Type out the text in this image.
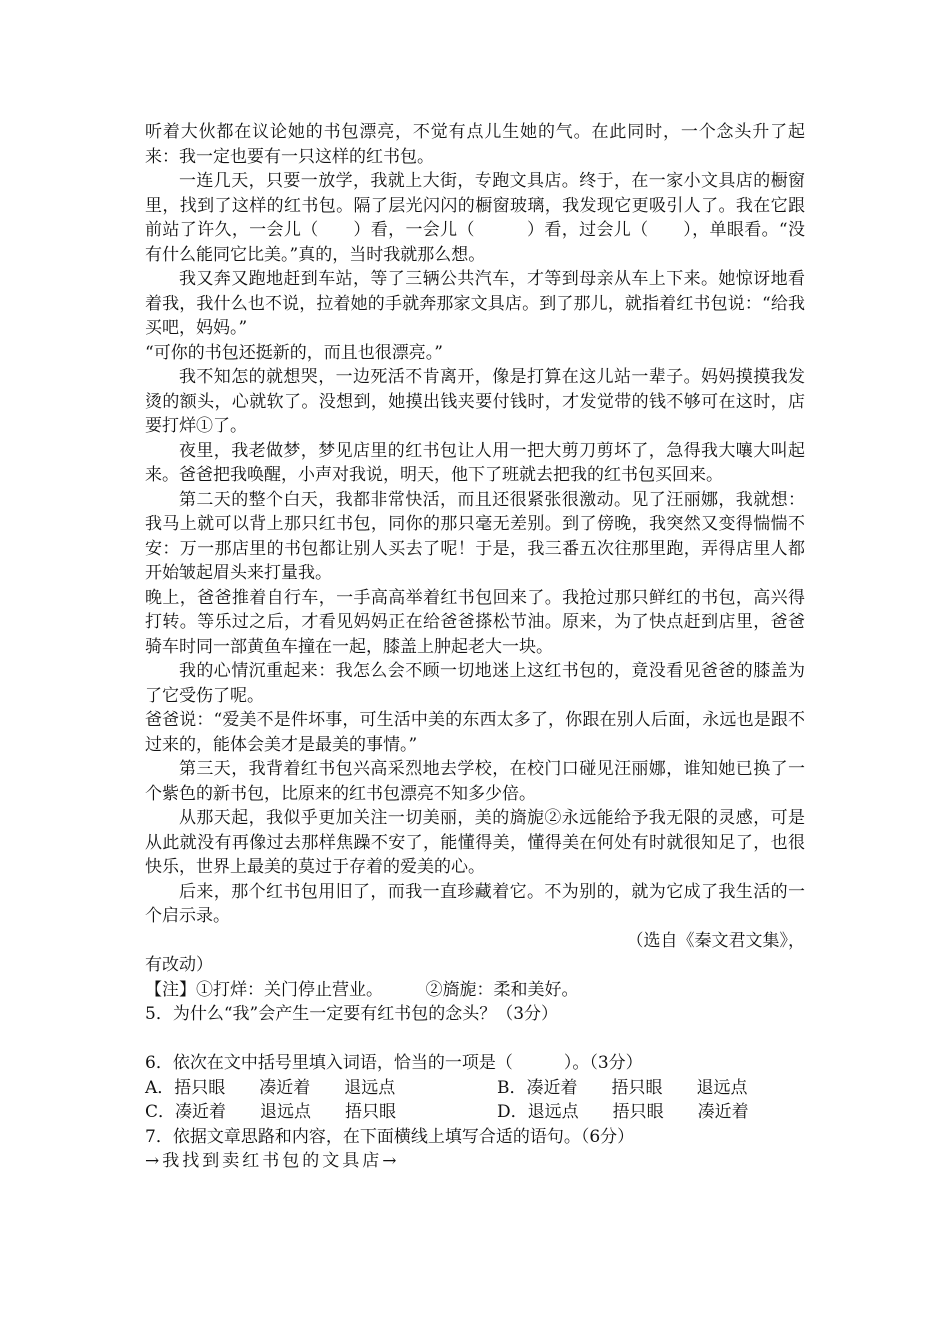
听着大伙都在议论她的书包漂亮，不觉有点儿生她的气。在此同时，一个念头升了起来：我一定也要有一只这样的红书包。

一连几天，只要一放学，我就上大街，专跑文具店。终于，在一家小文具店的橱窗里，找到了这样的红书包。隔了层光闪闪的橱窗玻璃，我发现它更吸引人了。我在它跟前站了许久，一会儿（　　）看，一会儿（　　　）看，过会儿（　　），单眼看。“没有什么能同它比美。”真的，当时我就那么想。

我又奔又跑地赶到车站，等了三辆公共汽车，才等到母亲从车上下来。她惊讶地看着我，我什么也不说，拉着她的手就奔那家文具店。到了那儿，就指着红书包说：“给我买吧，妈妈。”

“可你的书包还挺新的，而且也很漂亮。”

我不知怎的就想哭，一边死活不肯离开，像是打算在这儿站一辈子。妈妈摸摸我发烫的额头，心就软了。没想到，她摸出钱夹要付钱时，才发觉带的钱不够可在这时，店要打烊①了。

夜里，我老做梦，梦见店里的红书包让人用一把大剪刀剪坏了，急得我大嚷大叫起来。爸爸把我唤醒，小声对我说，明天，他下了班就去把我的红书包买回来。

第二天的整个白天，我都非常快活，而且还很紧张很激动。见了汪丽娜，我就想：我马上就可以背上那只红书包，同你的那只毫无差别。到了傍晚，我突然又变得惴惴不安：万一那店里的书包都让别人买去了呢！于是，我三番五次往那里跑，弄得店里人都开始皱起眉头来打量我。

晚上，爸爸推着自行车，一手高高举着红书包回来了。我抢过那只鲜红的书包，高兴得打转。等乐过之后，才看见妈妈正在给爸爸搽松节油。原来，为了快点赶到店里，爸爸骑车时同一部黄鱼车撞在一起，膝盖上肿起老大一块。

我的心情沉重起来：我怎么会不顾一切地迷上这红书包的，竟没看见爸爸的膝盖为了它受伤了呢。

爸爸说：“爱美不是件坏事，可生活中美的东西太多了，你跟在别人后面，永远也是跟不过来的，能体会美才是最美的事情。”

第三天，我背着红书包兴高采烈地去学校，在校门口碰见汪丽娜，谁知她已换了一个紫色的新书包，比原来的红书包漂亮不知多少倍。

从那天起，我似乎更加关注一切美丽，美的旖旎②永远能给予我无限的灵感，可是从此就没有再像过去那样焦躁不安了，能懂得美，懂得美在何处有时就很知足了，也很快乐，世界上最美的莫过于存着的爱美的心。

后来，那个红书包用旧了，而我一直珍藏着它。不为别的，就为它成了我生活的一个启示录。

（选自《秦文君文集》，

有改动）

【注】①打烊：关门停止营业。　　　②旖旎：柔和美好。

5．为什么“我”会产生一定要有红书包的念头？（3分）

6．依次在文中括号里填入词语，恰当的一项是（　　　）。（3分）

A．捂只眼　　凑近着　　退远点	B．凑近着　　捂只眼　　退远点
C．凑近着　　退远点　　捂只眼	D．退远点　　捂只眼　　凑近着

7．依据文章思路和内容，在下面横线上填写合适的语句。（6分）

→我找到卖红书包的文具店→
